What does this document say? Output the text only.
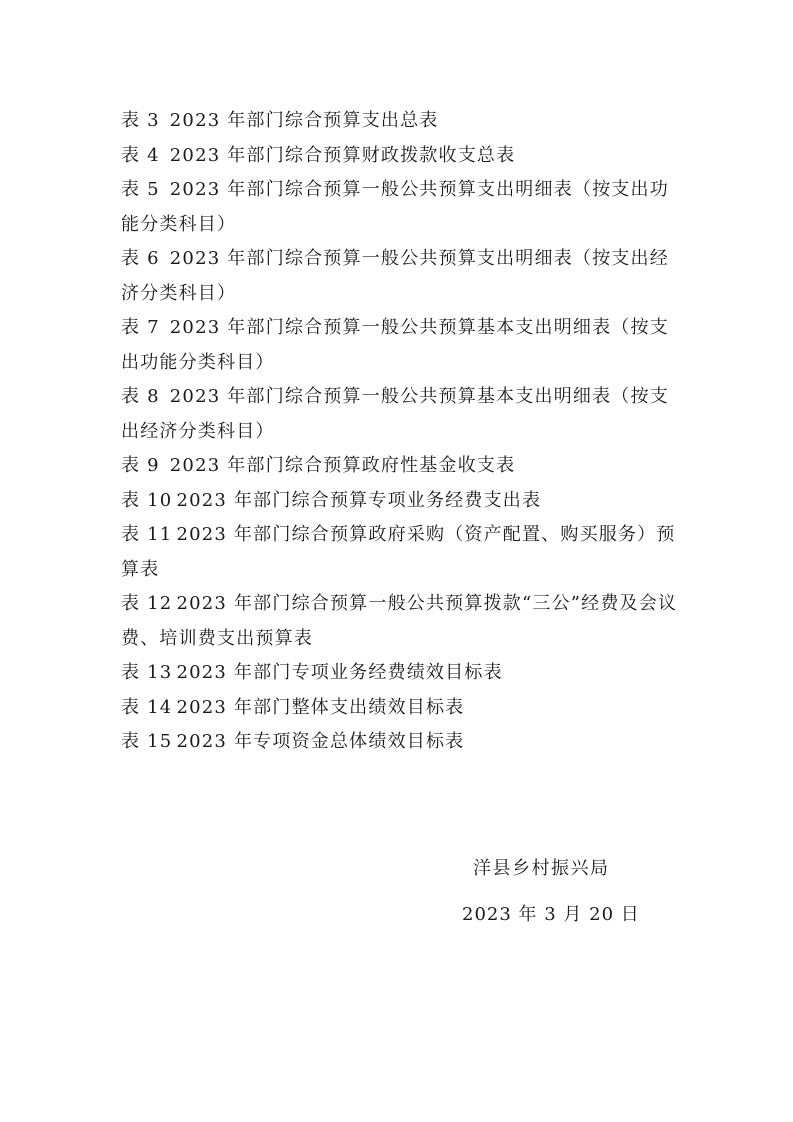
表 3 2023 年部门综合预算支出总表
表 4 2023 年部门综合预算财政拨款收支总表
表 5 2023 年部门综合预算一般公共预算支出明细表（按支出功能分类科目）
表 6 2023 年部门综合预算一般公共预算支出明细表（按支出经济分类科目）
表 7 2023 年部门综合预算一般公共预算基本支出明细表（按支出功能分类科目）
表 8 2023 年部门综合预算一般公共预算基本支出明细表（按支出经济分类科目）
表 9 2023 年部门综合预算政府性基金收支表
表 10 2023 年部门综合预算专项业务经费支出表
表 11 2023 年部门综合预算政府采购（资产配置、购买服务）预算表
表 12 2023 年部门综合预算一般公共预算拨款“三公”经费及会议费、培训费支出预算表
表 13 2023 年部门专项业务经费绩效目标表
表 14 2023 年部门整体支出绩效目标表
表 15 2023 年专项资金总体绩效目标表
洋县乡村振兴局
2023 年 3 月 20 日
